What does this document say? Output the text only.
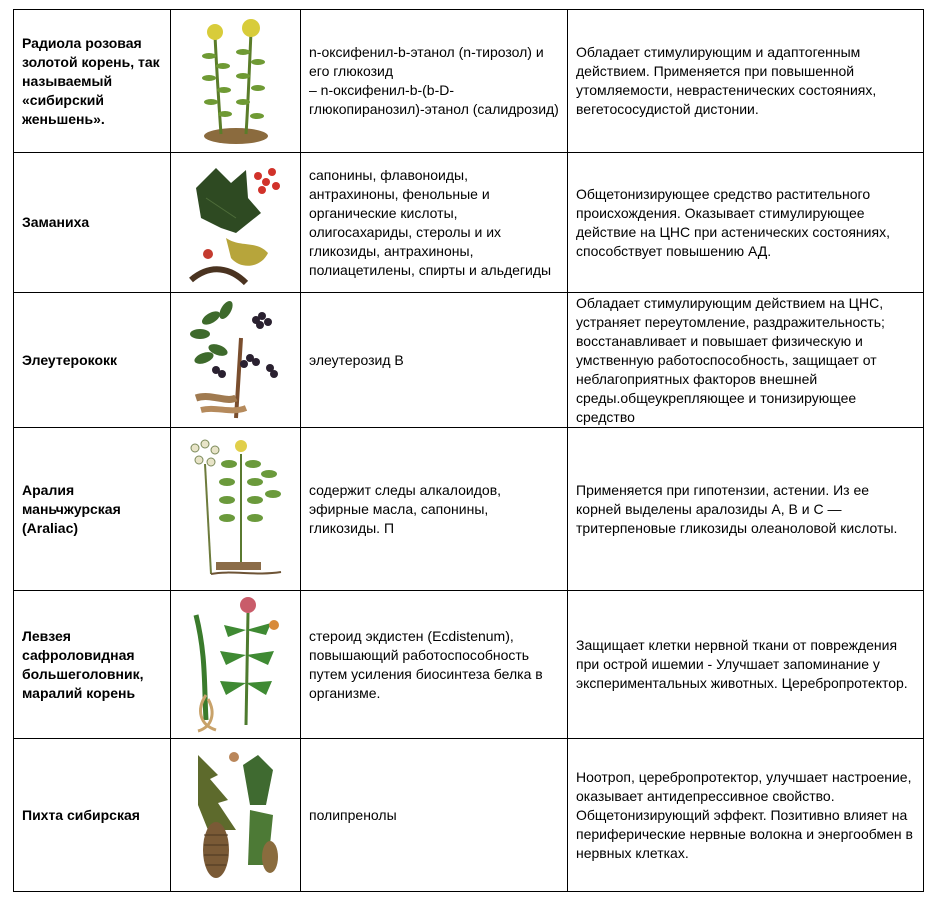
Радиола розовая золотой корень, так называемый «сибирский женьшень».		n-оксифенил-b-этанол (n-тирозол) и его глюкозид
– n-оксифенил-b-(b-D-глюкопиранозил)-этанол (салидрозид)	Обладает стимулирующим и адаптогенным действием. Применяется при повышенной утомляемости, неврастенических состояниях, вегетососудистой дистонии.
Заманиха		сапонины, флавоноиды, антрахиноны, фенольные и органические кислоты, олигосахариды, стеролы и их гликозиды, антрахиноны, полиацетилены, спирты и альдегиды	Общетонизирующее средство растительного происхождения. Оказывает стимулирующее действие на ЦНС при астенических состояниях, способствует повышению АД.
Элеутерококк		элеутерозид В	Обладает стимулирующим действием на ЦНС, устраняет переутомление, раздражительность; восстанавливает и повышает физическую и умственную работоспособность, защищает от неблагоприятных факторов внешней среды.общеукрепляющее и тонизирующее средство
Аралия маньчжурская (Araliac)		содержит следы алкалоидов, эфирные масла, сапонины, гликозиды. П	Применяется при гипотензии, астении. Из ее корней выделены аралозиды А, В и С — тритерпеновые гликозиды олеаноловой кислоты.
Левзея сафроловидная большеголовник, маралий корень		стероид экдистен (Ecdistenum), повышающий работоспособность путем усиления биосинтеза белка в организме.	Защищает клетки нервной ткани от повреждения при острой ишемии - Улучшает запоминание у экспериментальных животных. Церебропротектор.
Пихта сибирская		полипренолы	Ноотроп, церебропротектор, улучшает настроение, оказывает антидепрессивное свойство. Общетонизирующий эффект. Позитивно влияет на периферические нервные волокна и энергообмен в нервных клетках.
